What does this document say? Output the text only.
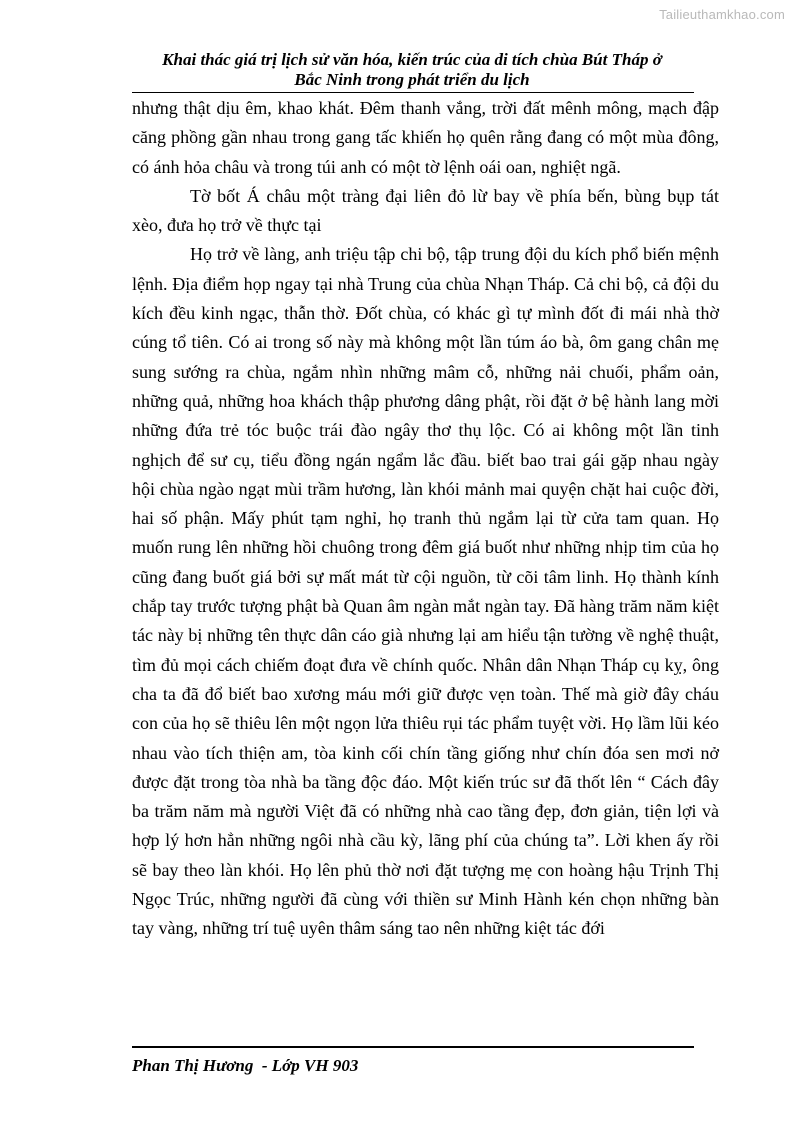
Tailieuthamkhao.com
Khai thác giá trị lịch sử văn hóa, kiến trúc của di tích chùa Bút Tháp ở
Bắc Ninh trong phát triển du lịch

nhưng thật dịu êm, khao khát. Đêm thanh vắng, trời đất mênh mông, mạch đập căng phồng gần nhau trong gang tấc khiến họ quên rằng đang có một mùa đông, có ánh hỏa châu và trong túi anh có một tờ lệnh oái oan, nghiệt ngã.

Tờ bốt Á châu một tràng đại liên đỏ lừ bay về phía bến, bùng bụp tát xèo, đưa họ trở về thực tại

Họ trở về làng, anh triệu tập chi bộ, tập trung đội du kích phổ biến mệnh lệnh. Địa điểm họp ngay tại nhà Trung của chùa Nhạn Tháp. Cả chi bộ, cả đội du kích đều kinh ngạc, thẫn thờ. Đốt chùa, có khác gì tự mình đốt đi mái nhà thờ cúng tổ tiên. Có ai trong số này mà không một lần túm áo bà, ôm gang chân mẹ sung sướng ra chùa, ngắm nhìn những mâm cỗ, những nải chuối, phẩm oản, những quả, những hoa khách thập phương dâng phật, rồi đặt ở bệ hành lang mời những đứa trẻ tóc buộc trái đào ngây thơ thụ lộc. Có ai không một lần tinh nghịch để sư cụ, tiểu đồng ngán ngẩm lắc đầu. biết bao trai gái gặp nhau ngày hội chùa ngào ngạt mùi trầm hương, làn khói mảnh mai quyện chặt hai cuộc đời, hai số phận. Mấy phút tạm nghỉ, họ tranh thủ ngắm lại từ cửa tam quan. Họ muốn rung lên những hồi chuông trong đêm giá buốt như những nhịp tim của họ cũng đang buốt giá bởi sự mất mát từ cội nguồn, từ cõi tâm linh. Họ thành kính chắp tay trước tượng phật bà Quan âm ngàn mắt ngàn tay. Đã hàng trăm năm kiệt tác này bị những tên thực dân cáo già nhưng lại am hiểu tận tường về nghệ thuật, tìm đủ mọi cách chiếm đoạt đưa về chính quốc. Nhân dân Nhạn Tháp cụ kỵ, ông cha ta đã đổ biết bao xương máu mới giữ được vẹn toàn. Thế mà giờ đây cháu con của họ sẽ thiêu lên một ngọn lửa thiêu rụi tác phẩm tuyệt vời. Họ lầm lũi kéo nhau vào tích thiện am, tòa kinh cối chín tầng giống như chín đóa sen mơi nở được đặt trong tòa nhà ba tầng độc đáo. Một kiến trúc sư đã thốt lên “ Cách đây ba trăm năm mà người Việt đã có những nhà cao tầng đẹp, đơn giản, tiện lợi và hợp lý hơn hẳn những ngôi nhà cầu kỳ, lãng phí của chúng ta”. Lời khen ấy rồi sẽ bay theo làn khói. Họ lên phủ thờ nơi đặt tượng mẹ con hoàng hậu Trịnh Thị Ngọc Trúc, những người đã cùng với thiền sư Minh Hành kén chọn những bàn tay vàng, những trí tuệ uyên thâm sáng tao nên những kiệt tác đới

Phan Thị Hương  - Lớp VH 903
